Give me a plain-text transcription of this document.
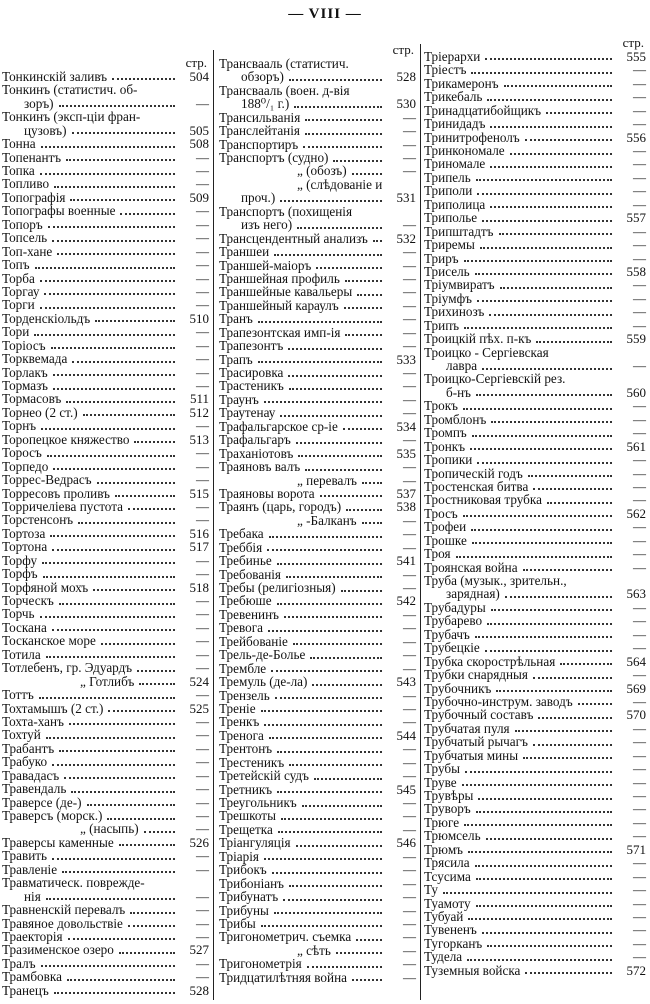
— VIII —
стр.
Тонкинскій заливъ	504
Тонкинъ (статистич. об-
зоръ)	—
Тонкинъ (эксп-ціи фран-
цузовъ)	505
Тонна	508
Топенантъ	—
Топка	—
Топливо	—
Топографія	509
Топографы военные	—
Топоръ	—
Топсель	—
Топ-хане	—
Топъ	—
Торба	—
Торгау	—
Торги	—
Торденскіольдъ	510
Тори	—
Торіосъ	—
Торквемада	—
Торлакъ	—
Тормазъ	—
Тормасовъ	511
Торнео (2 ст.)	512
Торнъ	—
Торопецкое княжество	513
Торосъ	—
Торпедо	—
Торрес-Ведрасъ	—
Торресовъ проливъ	515
Торричеліева пустота	—
Торстенсонъ	—
Тортоза	516
Тортона	517
Торфу	—
Торфъ	—
Торфяной мохъ	518
Торческъ	—
Торчь	—
Тоскана	—
Тосканское море	—
Тотила	—
Тотлебенъ, гр. Эдуардъ	—
„ Готлибъ	524
Тоттъ	—
Тохтамышъ (2 ст.)	525
Тохта-ханъ	—
Тохтуй	—
Трабантъ	—
Трабуко	—
Травадасъ	—
Травендаль	—
Траверсе (де-)	—
Траверсъ (морск.)	—
„ (насыпь)	—
Траверсы каменные	526
Травить	—
Травленіе	—
Травматическ. поврежде-
нія	—
Травненскій перевалъ	—
Травяное довольствіе	—
Траекторія	—
Тразименское озеро	527
Тралъ	—
Трамбовка	—
Транецъ	528
стр.
Трансвааль (статистич.
обзоръ)	528
Трансвааль (воен. д-вія
188⁰/₁ г.)	530
Трансильванія	—
Транслейтанія	—
Транспортиръ	—
Транспортъ (судно)	—
„ (обозъ)	—
„ (слѣдованіе и
проч.)	531
Транспортъ (похищенія
изъ него)	—
Трансцендентный анализъ	532
Траншеи	—
Траншей-маіоръ	—
Траншейная профиль	—
Траншейные кавальеры	—
Траншейный караулъ	—
Транъ	—
Трапезонтская имп-ія	—
Трапезонтъ	—
Трапъ	533
Трасировка	—
Трастеникъ	—
Траунъ	—
Траутенау	—
Трафальгарское ср-іе	534
Трафальгаръ	—
Траханіотовъ	535
Траяновъ валъ	—
„ перевалъ	—
Траяновы ворота	537
Траянъ (царь, городъ)	538
„ -Балканъ	—
Требака	—
Треббія	—
Требинье	541
Требованія	—
Требы (религіозныя)	—
Требюше	542
Тревенинъ	—
Тревога	—
Трейбованіе	—
Трель-де-Болье	—
Тремблe	—
Тремуль (де-ла)	543
Трензель	—
Треніе	—
Тренкъ	—
Тренога	544
Трентонъ	—
Трестеникъ	—
Третейскій судъ	—
Третникъ	545
Треугольникъ	—
Трешкоты	—
Трещетка	—
Тріангуляція	546
Тріарія	—
Трибокъ	—
Трибоніанъ	—
Трибунатъ	—
Трибуны	—
Трибы	—
Тригонометрич. съемка	—
„ сѣть	—
Тригонометрія	—
Тридцатилѣтняя война	—
стр.
Тріерархи	555
Тріестъ	—
Трикамеронъ	—
Трикебаль	—
Тринадцатибойщикъ	—
Тринидадъ	—
Тринитрофенолъ	556
Тринкономале	—
Триномале	—
Трипель	—
Триполи	—
Триполица	—
Триполье	557
Трипштадтъ	—
Триремы	—
Триръ	—
Трисель	558
Тріумвиратъ	—
Тріумфъ	—
Трихинозъ	—
Трипъ	—
Троицкій пѣх. п-къ	559
Троицко - Сергіевская
лавра	—
Троицко-Сергіевскій рез.
б-нъ	560
Трокъ	—
Тромблонъ	—
Тромпъ	—
Тронкъ	561
Тропики	—
Тропическій годъ	—
Тростенская битва	—
Тростниковая трубка	—
Тросъ	562
Трофеи	—
Трошке	—
Троя	—
Троянская война	—
Труба (музык., зрительн.,
зарядная)	563
Трубадуры	—
Трубарево	—
Трубачъ	—
Трубецкіе	—
Трубка скорострѣльная	564
Трубки снарядныя	—
Трубочникъ	569
Трубочно-инструм. заводъ	—
Трубочный составъ	570
Трубчатая пуля	—
Трубчатый рычагъ	—
Трубчатыя мины	—
Трубы	—
Труве	—
Трувѣры	—
Труворъ	—
Трюге	—
Трюмсель	—
Трюмъ	571
Трясила	—
Тсусима	—
Ту	—
Туамоту	—
Тубуай	—
Тувененъ	—
Тугорканъ	—
Тудела	—
Туземныя войска	572
